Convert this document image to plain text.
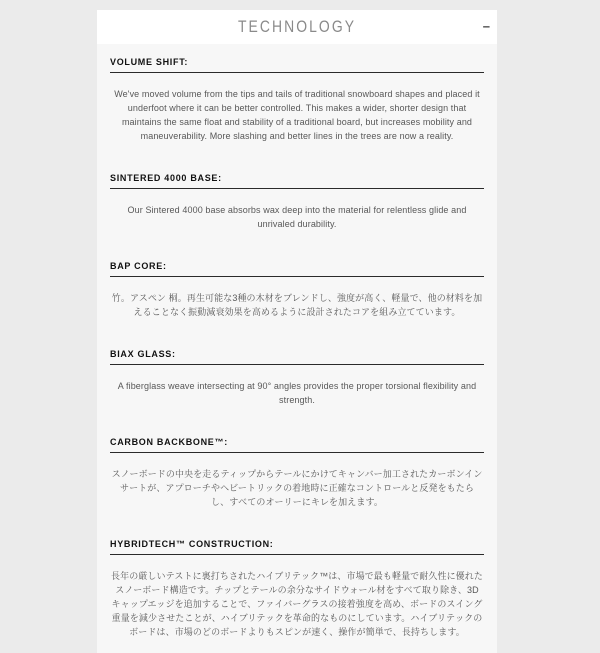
TECHNOLOGY	–
VOLUME SHIFT:

We've moved volume from the tips and tails of traditional snowboard shapes and placed it underfoot where it can be better controlled. This makes a wider, shorter design that maintains the same float and stability of a traditional board, but increases mobility and maneuverability. More slashing and better lines in the trees are now a reality.

SINTERED 4000 BASE:

Our Sintered 4000 base absorbs wax deep into the material for relentless glide and unrivaled durability.

BAP CORE:

竹。アスペン 桐。再生可能な3種の木材をブレンドし、強度が高く、軽量で、他の材料を加えることなく振動減衰効果を高めるように設計されたコアを組み立てています。

BIAX GLASS:

A fiberglass weave intersecting at 90° angles provides the proper torsional flexibility and strength.

CARBON BACKBONE™:

スノーボードの中央を走るティップからテールにかけてキャンバー加工されたカーボンインサートが、アプローチやヘビートリックの着地時に正確なコントロールと反発をもたらし、すべてのオーリーにキレを加えます。

HYBRIDTECH™ CONSTRUCTION:

長年の厳しいテストに裏打ちされたハイブリテック™は、市場で最も軽量で耐久性に優れたスノーボード構造です。チップとテールの余分なサイドウォール材をすべて取り除き、3Dキャップエッジを追加することで、ファイバーグラスの接着強度を高め、ボードのスイング重量を減少させたことが、ハイブリテックを革命的なものにしています。ハイブリテックのボードは、市場のどのボードよりもスピンが速く、操作が簡単で、長持ちします。
